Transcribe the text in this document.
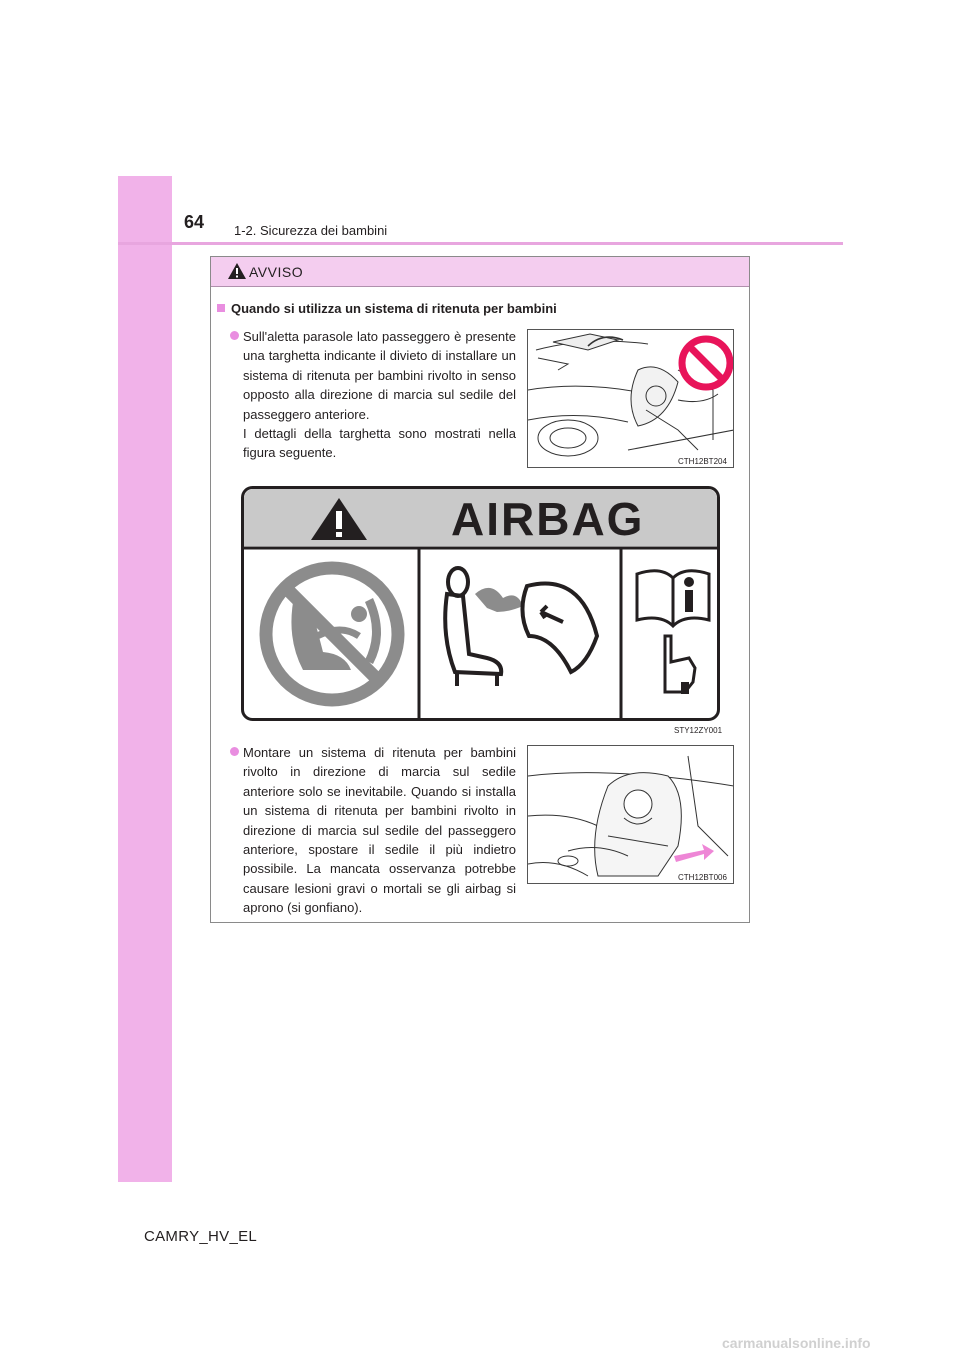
64 1-2. Sicurezza dei bambini
AVVISO
Quando si utilizza un sistema di ritenuta per bambini
Sull'aletta parasole lato passeggero è presente una targhetta indicante il divieto di installare un sistema di ritenuta per bambini rivolto in senso opposto alla direzione di marcia sul sedile del passeggero anteriore.
I dettagli della targhetta sono mostrati nella figura seguente.
CTH12BT204
Montare un sistema di ritenuta per bambini rivolto in direzione di marcia sul sedile anteriore solo se inevitabile. Quando si installa un sistema di ritenuta per bambini rivolto in direzione di marcia sul sedile del passeggero anteriore, spostare il sedile il più indietro possibile. La mancata osservanza potrebbe causare lesioni gravi o mortali se gli airbag si aprono (si gonfiano).
CTH12BT006
AIRBAG
STY12ZY001
CAMRY_HV_EL
carmanualsonline.info
